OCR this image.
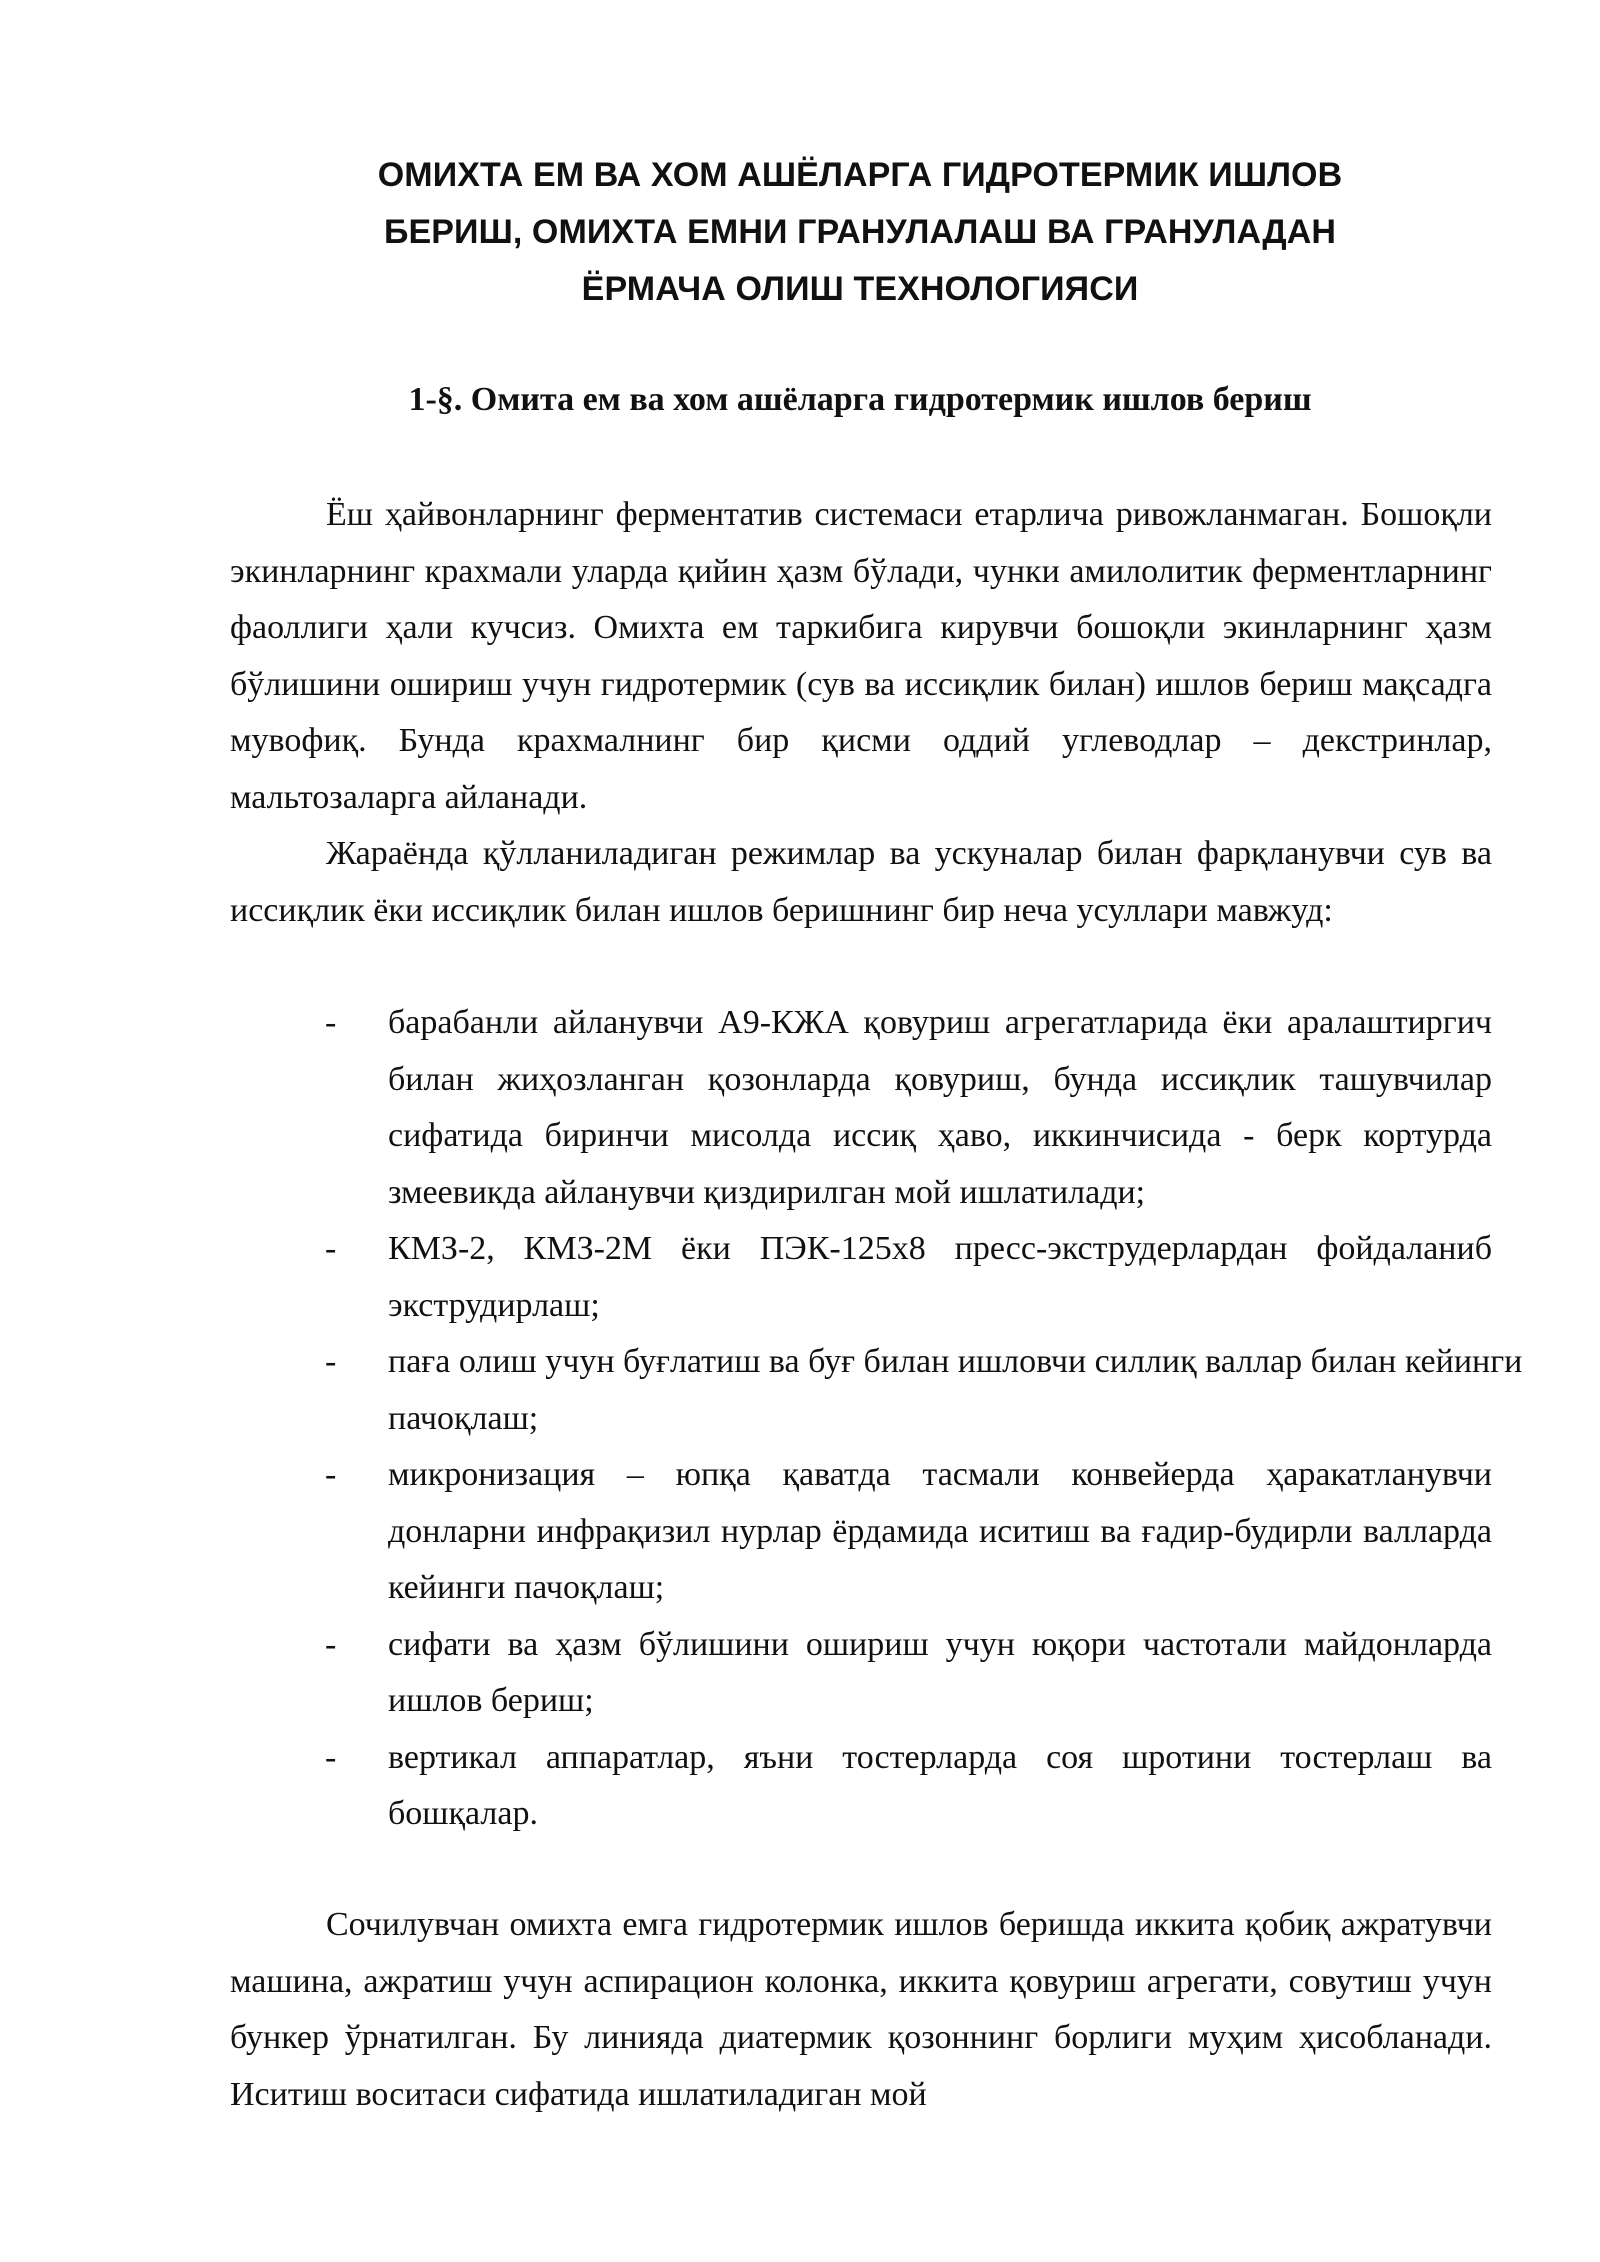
ОМИХТА ЕМ ВА ХОМ АШЁЛАРГА ГИДРОТЕРМИК ИШЛОВ
БЕРИШ, ОМИХТА ЕМНИ ГРАНУЛАЛАШ ВА ГРАНУЛАДАН
ЁРМАЧА ОЛИШ ТЕХНОЛОГИЯСИ
1-§. Омита ем ва хом ашёларга гидротермик ишлов бериш

Ёш ҳайвонларнинг ферментатив системаси етарлича ривожланмаган. Бошоқли экинларнинг крахмали уларда қийин ҳазм бўлади, чунки амилолитик ферментларнинг фаоллиги ҳали кучсиз. Омихта ем таркибига кирувчи бошоқли экинларнинг ҳазм бўлишини ошириш учун гидротермик (сув ва иссиқлик билан) ишлов бериш мақсадга мувофиқ. Бунда крахмалнинг бир қисми оддий углеводлар – декстринлар, мальтозаларга айланади.

Жараёнда қўлланиладиган режимлар ва ускуналар билан фарқланувчи сув ва иссиқлик ёки иссиқлик билан ишлов беришнинг бир неча усуллари мавжуд:

- барабанли айланувчи А9-КЖА қовуриш агрегатларида ёки аралаштиргич билан жиҳозланган қозонларда қовуриш, бунда иссиқлик ташувчилар сифатида биринчи мисолда иссиқ ҳаво, иккинчисида - берк кортурда змеевикда айланувчи қиздирилган мой ишлатилади;
- КМЗ-2, КМЗ-2М ёки ПЭК-125х8 пресс-экструдерлардан фойдаланиб экструдирлаш;
- паға олиш учун буғлатиш ва буғ билан ишловчи силлиқ валлар билан кейинги пачоқлаш;
- микронизация – юпқа қаватда тасмали конвейерда ҳаракатланувчи донларни инфрақизил нурлар ёрдамида иситиш ва ғадир-будирли валларда кейинги пачоқлаш;
- сифати ва ҳазм бўлишини ошириш учун юқори частотали майдонларда ишлов бериш;
- вертикал аппаратлар, яъни тостерларда соя шротини тостерлаш ва бошқалар.

Сочилувчан омихта емга гидротермик ишлов беришда иккита қобиқ ажратувчи машина, ажратиш учун аспирацион колонка, иккита қовуриш агрегати, совутиш учун бункер ўрнатилган. Бу линияда диатермик қозоннинг борлиги муҳим ҳисобланади. Иситиш воситаси сифатида ишлатиладиган мой
